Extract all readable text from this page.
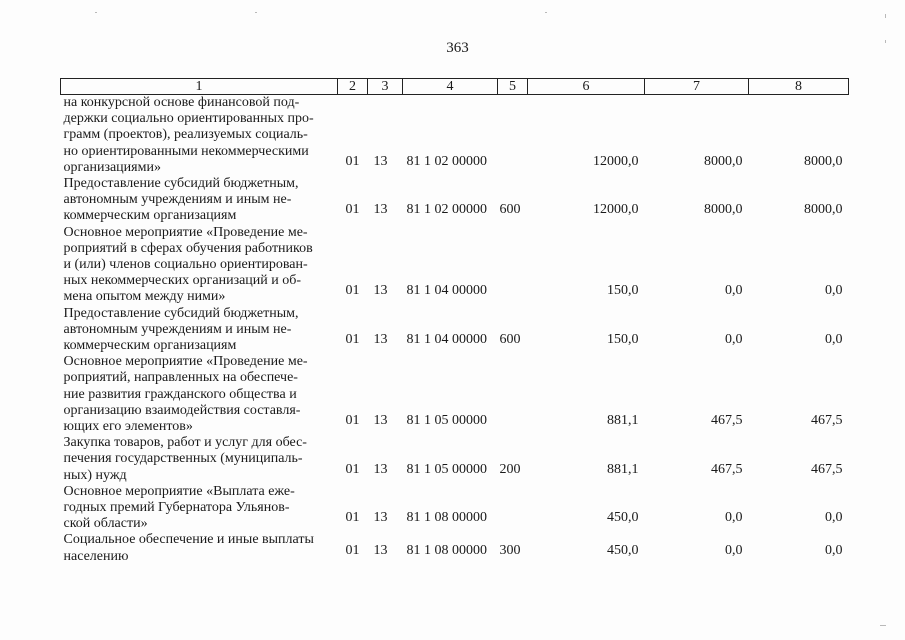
363
1	2	3	4	5	6	7	8

на конкурсной основе финансовой под-
держки социально ориентированных про-
грамм (проектов), реализуемых социаль-
но ориентированными некоммерческими
организациями»	01	13	81 1 02 00000		12000,0	8000,0	8000,0

Предоставление субсидий бюджетным,
автономным учреждениям и иным не-
коммерческим организациям	01	13	81 1 02 00000	600	12000,0	8000,0	8000,0

Основное мероприятие «Проведение ме-
роприятий в сферах обучения работников
и (или) членов социально ориентирован-
ных некоммерческих организаций и об-
мена опытом между ними»	01	13	81 1 04 00000		150,0	0,0	0,0

Предоставление субсидий бюджетным,
автономным учреждениям и иным не-
коммерческим организациям	01	13	81 1 04 00000	600	150,0	0,0	0,0

Основное мероприятие «Проведение ме-
роприятий, направленных на обеспече-
ние развития гражданского общества и
организацию взаимодействия составля-
ющих его элементов»	01	13	81 1 05 00000		881,1	467,5	467,5

Закупка товаров, работ и услуг для обес-
печения государственных (муниципаль-
ных) нужд	01	13	81 1 05 00000	200	881,1	467,5	467,5

Основное мероприятие «Выплата еже-
годных премий Губернатора Ульянов-
ской области»	01	13	81 1 08 00000		450,0	0,0	0,0

Социальное обеспечение и иные выплаты
населению	01	13	81 1 08 00000	300	450,0	0,0	0,0
